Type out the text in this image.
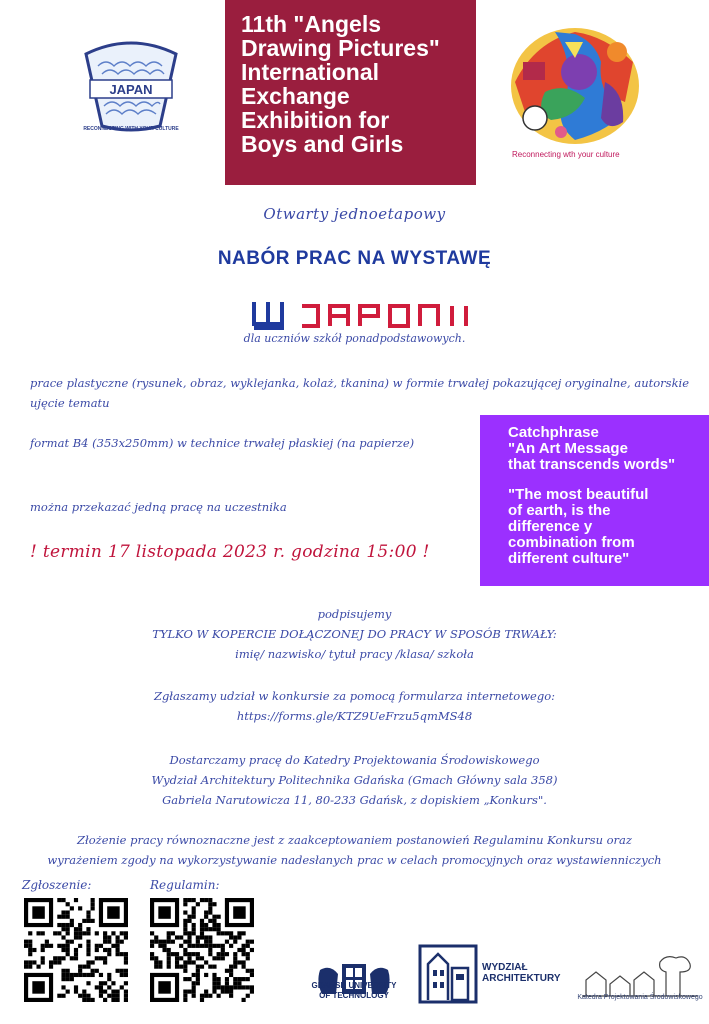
11th "Angels
Drawing Pictures"
International
Exchange
Exhibition for
Boys and Girls
JAPAN
RECONNECTING WITH YOUR CULTURE
Reconnecting wth your culture
Otwarty jednoetapowy
NABÓR PRAC NA WYSTAWĘ
dla uczniów szkół ponadpodstawowych.
prace plastyczne (rysunek, obraz, wyklejanka, kolaż, tkanina) w formie trwałej pokazującej oryginalne, autorskie ujęcie tematu
format B4 (353x250mm) w technice trwałej płaskiej (na papierze)
można przekazać jedną pracę na uczestnika
! termin 17 listopada 2023 r. godzina 15:00 !
Catchphrase
"An Art Message
that transcends words"
"The most beautiful
of earth, is the
difference y
combination from
different culture"
podpisujemy
TYLKO W KOPERCIE DOŁĄCZONEJ DO PRACY W SPOSÓB TRWAŁY:
imię/ nazwisko/ tytuł pracy /klasa/ szkoła
Zgłaszamy udział w konkursie za pomocą formularza internetowego:
https://forms.gle/KTZ9UeFrzu5qmMS48
Dostarczamy pracę do Katedry Projektowania Środowiskowego
Wydział Architektury Politechnika Gdańska (Gmach Główny sala 358)
Gabriela Narutowicza 11, 80-233 Gdańsk, z dopiskiem „Konkurs".
Złożenie pracy równoznaczne jest z zaakceptowaniem postanowień Regulaminu Konkursu oraz
wyrażeniem zgody na wykorzystywanie nadesłanych prac w celach promocyjnych oraz wystawienniczych
Zgłoszenie:	Regulamin:
GDAŃSK UNIVERSITY
OF TECHNOLOGY
WYDZIAŁ
ARCHITEKTURY
Katedra Projektowania Środowiskowego
